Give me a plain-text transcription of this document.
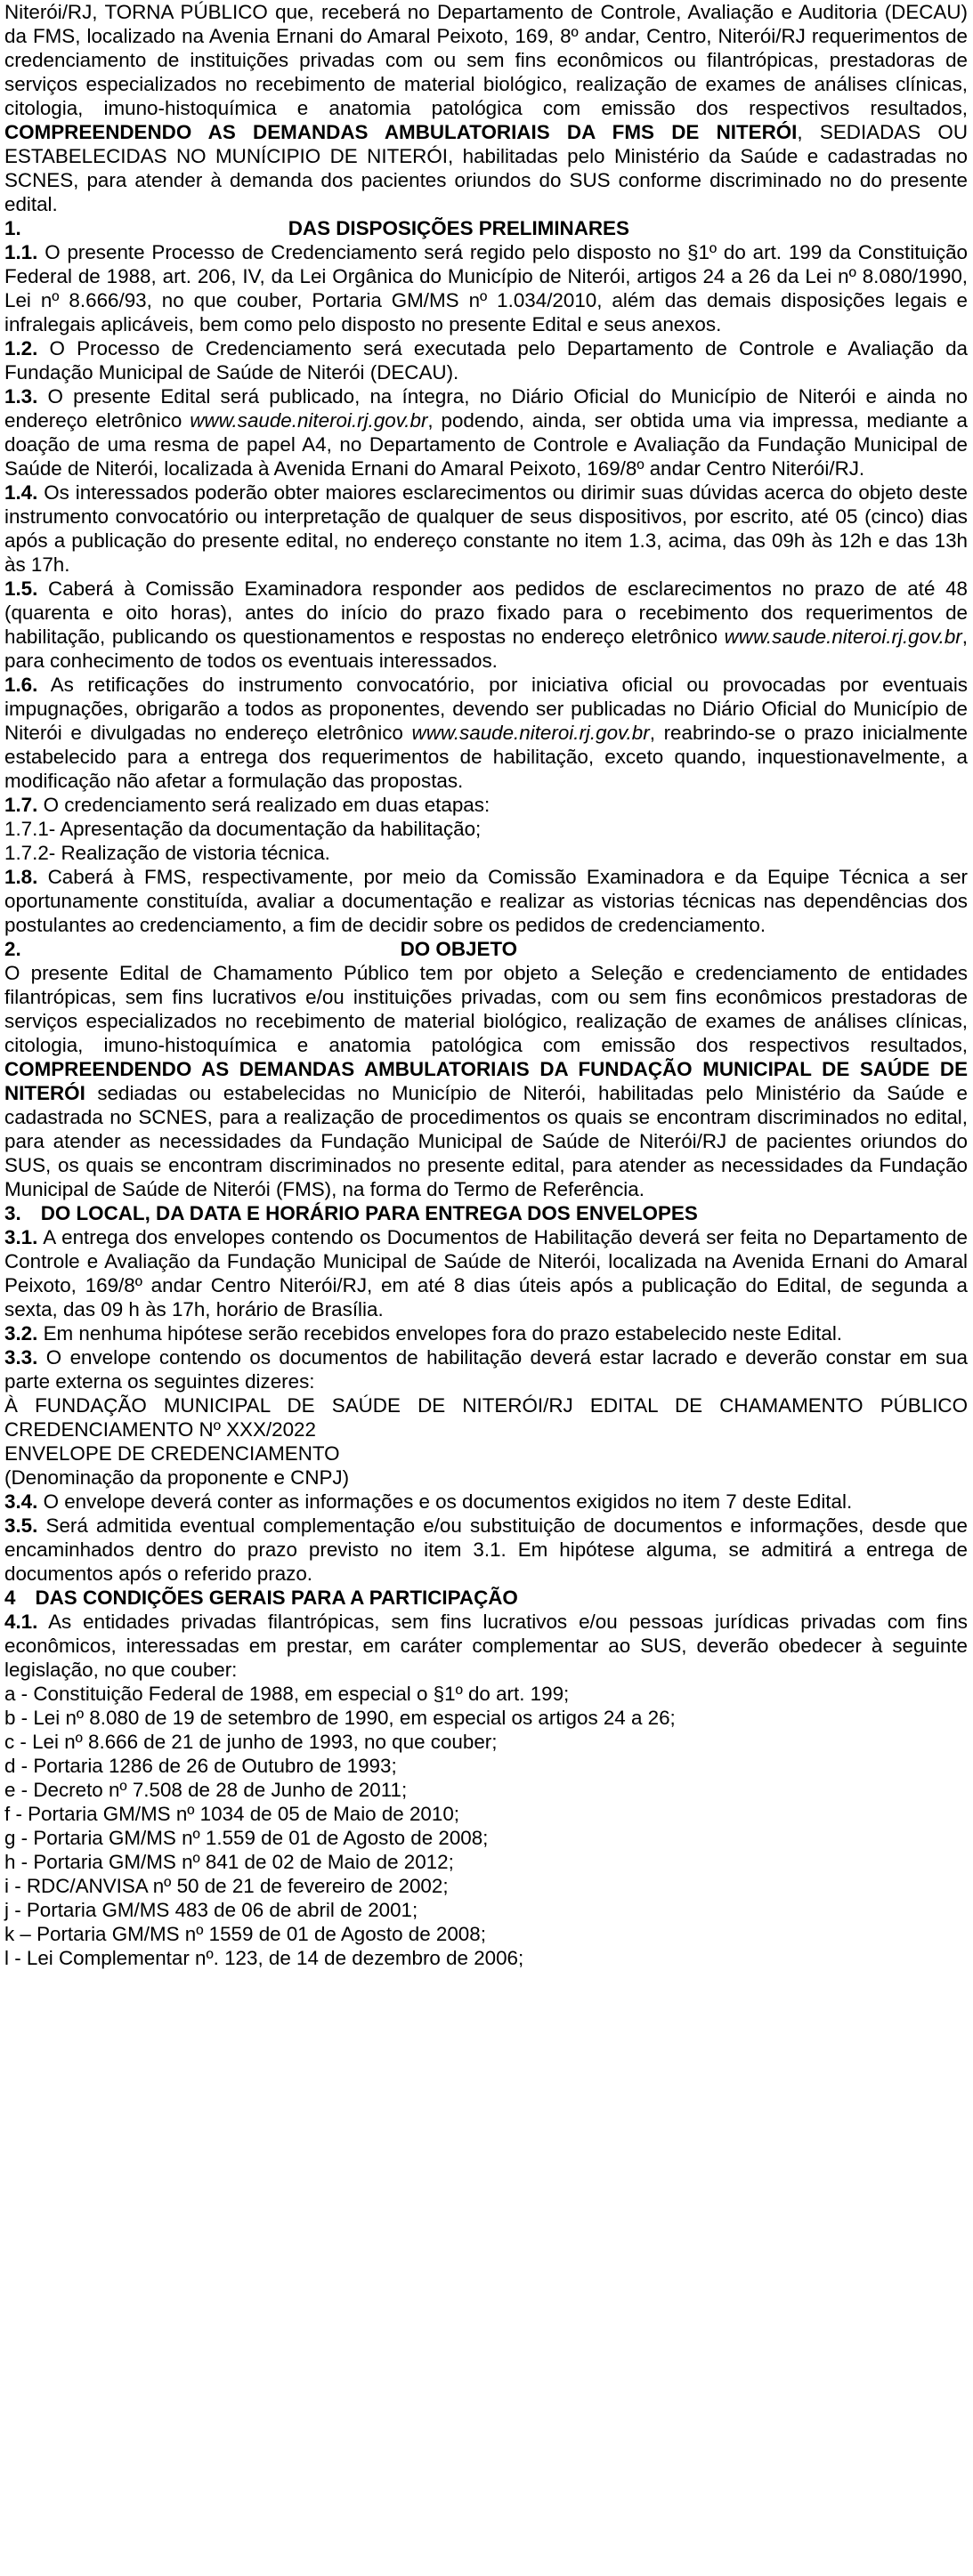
Niterói/RJ, TORNA PÚBLICO que, receberá no Departamento de Controle, Avaliação e Auditoria (DECAU) da FMS, localizado na Avenia Ernani do Amaral Peixoto, 169, 8º andar, Centro, Niterói/RJ requerimentos de credenciamento de instituições privadas com ou sem fins econômicos ou filantrópicas, prestadoras de serviços especializados no recebimento de material biológico, realização de exames de análises clínicas, citologia, imuno-histoquímica e anatomia patológica com emissão dos respectivos resultados, COMPREENDENDO AS DEMANDAS AMBULATORIAIS DA FMS DE NITERÓI, SEDIADAS OU ESTABELECIDAS NO MUNÍCIPIO DE NITERÓI, habilitadas pelo Ministério da Saúde e cadastradas no SCNES, para atender à demanda dos pacientes oriundos do SUS conforme discriminado no do presente edital.

1.	DAS DISPOSIÇÕES PRELIMINARES

1.1. O presente Processo de Credenciamento será regido pelo disposto no §1º do art. 199 da Constituição Federal de 1988, art. 206, IV, da Lei Orgânica do Município de Niterói, artigos 24 a 26 da Lei nº 8.080/1990, Lei nº 8.666/93, no que couber, Portaria GM/MS nº 1.034/2010, além das demais disposições legais e infralegais aplicáveis, bem como pelo disposto no presente Edital e seus anexos.

1.2. O Processo de Credenciamento será executada pelo Departamento de Controle e Avaliação da Fundação Municipal de Saúde de Niterói (DECAU).

1.3. O presente Edital será publicado, na íntegra, no Diário Oficial do Município de Niterói e ainda no endereço eletrônico www.saude.niteroi.rj.gov.br, podendo, ainda, ser obtida uma via impressa, mediante a doação de uma resma de papel A4, no Departamento de Controle e Avaliação da Fundação Municipal de Saúde de Niterói, localizada à Avenida Ernani do Amaral Peixoto, 169/8º andar Centro Niterói/RJ.

1.4. Os interessados poderão obter maiores esclarecimentos ou dirimir suas dúvidas acerca do objeto deste instrumento convocatório ou interpretação de qualquer de seus dispositivos, por escrito, até 05 (cinco) dias após a publicação do presente edital, no endereço constante no item 1.3, acima, das 09h às 12h e das 13h às 17h.

1.5. Caberá à Comissão Examinadora responder aos pedidos de esclarecimentos no prazo de até 48 (quarenta e oito horas), antes do início do prazo fixado para o recebimento dos requerimentos de habilitação, publicando os questionamentos e respostas no endereço eletrônico www.saude.niteroi.rj.gov.br, para conhecimento de todos os eventuais interessados.

1.6. As retificações do instrumento convocatório, por iniciativa oficial ou provocadas por eventuais impugnações, obrigarão a todos as proponentes, devendo ser publicadas no Diário Oficial do Município de Niterói e divulgadas no endereço eletrônico www.saude.niteroi.rj.gov.br, reabrindo-se o prazo inicialmente estabelecido para a entrega dos requerimentos de habilitação, exceto quando, inquestionavelmente, a modificação não afetar a formulação das propostas.

1.7. O credenciamento será realizado em duas etapas:

1.7.1- Apresentação da documentação da habilitação;

1.7.2- Realização de vistoria técnica.

1.8. Caberá à FMS, respectivamente, por meio da Comissão Examinadora e da Equipe Técnica a ser oportunamente constituída, avaliar a documentação e realizar as vistorias técnicas nas dependências dos postulantes ao credenciamento, a fim de decidir sobre os pedidos de credenciamento.

2.	DO OBJETO

O presente Edital de Chamamento Público tem por objeto a Seleção e credenciamento de entidades filantrópicas, sem fins lucrativos e/ou instituições privadas, com ou sem fins econômicos prestadoras de serviços especializados no recebimento de material biológico, realização de exames de análises clínicas, citologia, imuno-histoquímica e anatomia patológica com emissão dos respectivos resultados, COMPREENDENDO AS DEMANDAS AMBULATORIAIS DA FUNDAÇÃO MUNICIPAL DE SAÚDE DE NITERÓI sediadas ou estabelecidas no Município de Niterói, habilitadas pelo Ministério da Saúde e cadastrada no SCNES, para a realização de procedimentos os quais se encontram discriminados no edital, para atender as necessidades da Fundação Municipal de Saúde de Niterói/RJ de pacientes oriundos do SUS, os quais se encontram discriminados no presente edital, para atender as necessidades da Fundação Municipal de Saúde de Niterói (FMS), na forma do Termo de Referência.

3. DO LOCAL, DA DATA E HORÁRIO PARA ENTREGA DOS ENVELOPES

3.1. A entrega dos envelopes contendo os Documentos de Habilitação deverá ser feita no Departamento de Controle e Avaliação da Fundação Municipal de Saúde de Niterói, localizada na Avenida Ernani do Amaral Peixoto, 169/8º andar Centro Niterói/RJ, em até 8 dias úteis após a publicação do Edital, de segunda a sexta, das 09 h às 17h, horário de Brasília.

3.2. Em nenhuma hipótese serão recebidos envelopes fora do prazo estabelecido neste Edital.

3.3. O envelope contendo os documentos de habilitação deverá estar lacrado e deverão constar em sua parte externa os seguintes dizeres:

À FUNDAÇÃO MUNICIPAL DE SAÚDE DE NITERÓI/RJ EDITAL DE CHAMAMENTO PÚBLICO CREDENCIAMENTO Nº XXX/2022

ENVELOPE DE CREDENCIAMENTO

(Denominação da proponente e CNPJ)

3.4. O envelope deverá conter as informações e os documentos exigidos no item 7 deste Edital.

3.5. Será admitida eventual complementação e/ou substituição de documentos e informações, desde que encaminhados dentro do prazo previsto no item 3.1. Em hipótese alguma, se admitirá a entrega de documentos após o referido prazo.

4 DAS CONDIÇÕES GERAIS PARA A PARTICIPAÇÃO

4.1. As entidades privadas filantrópicas, sem fins lucrativos e/ou pessoas jurídicas privadas com fins econômicos, interessadas em prestar, em caráter complementar ao SUS, deverão obedecer à seguinte legislação, no que couber:

a - Constituição Federal de 1988, em especial o §1º do art. 199;

b - Lei nº 8.080 de 19 de setembro de 1990, em especial os artigos 24 a 26;

c - Lei nº 8.666 de 21 de junho de 1993, no que couber;

d - Portaria 1286 de 26 de Outubro de 1993;

e - Decreto nº 7.508 de 28 de Junho de 2011;

f - Portaria GM/MS nº 1034 de 05 de Maio de 2010;

g - Portaria GM/MS nº 1.559 de 01 de Agosto de 2008;

h - Portaria GM/MS nº 841 de 02 de Maio de 2012;

i - RDC/ANVISA nº 50 de 21 de fevereiro de 2002;

j - Portaria GM/MS 483 de 06 de abril de 2001;

k – Portaria GM/MS nº 1559 de 01 de Agosto de 2008;

l - Lei Complementar nº. 123, de 14 de dezembro de 2006;
